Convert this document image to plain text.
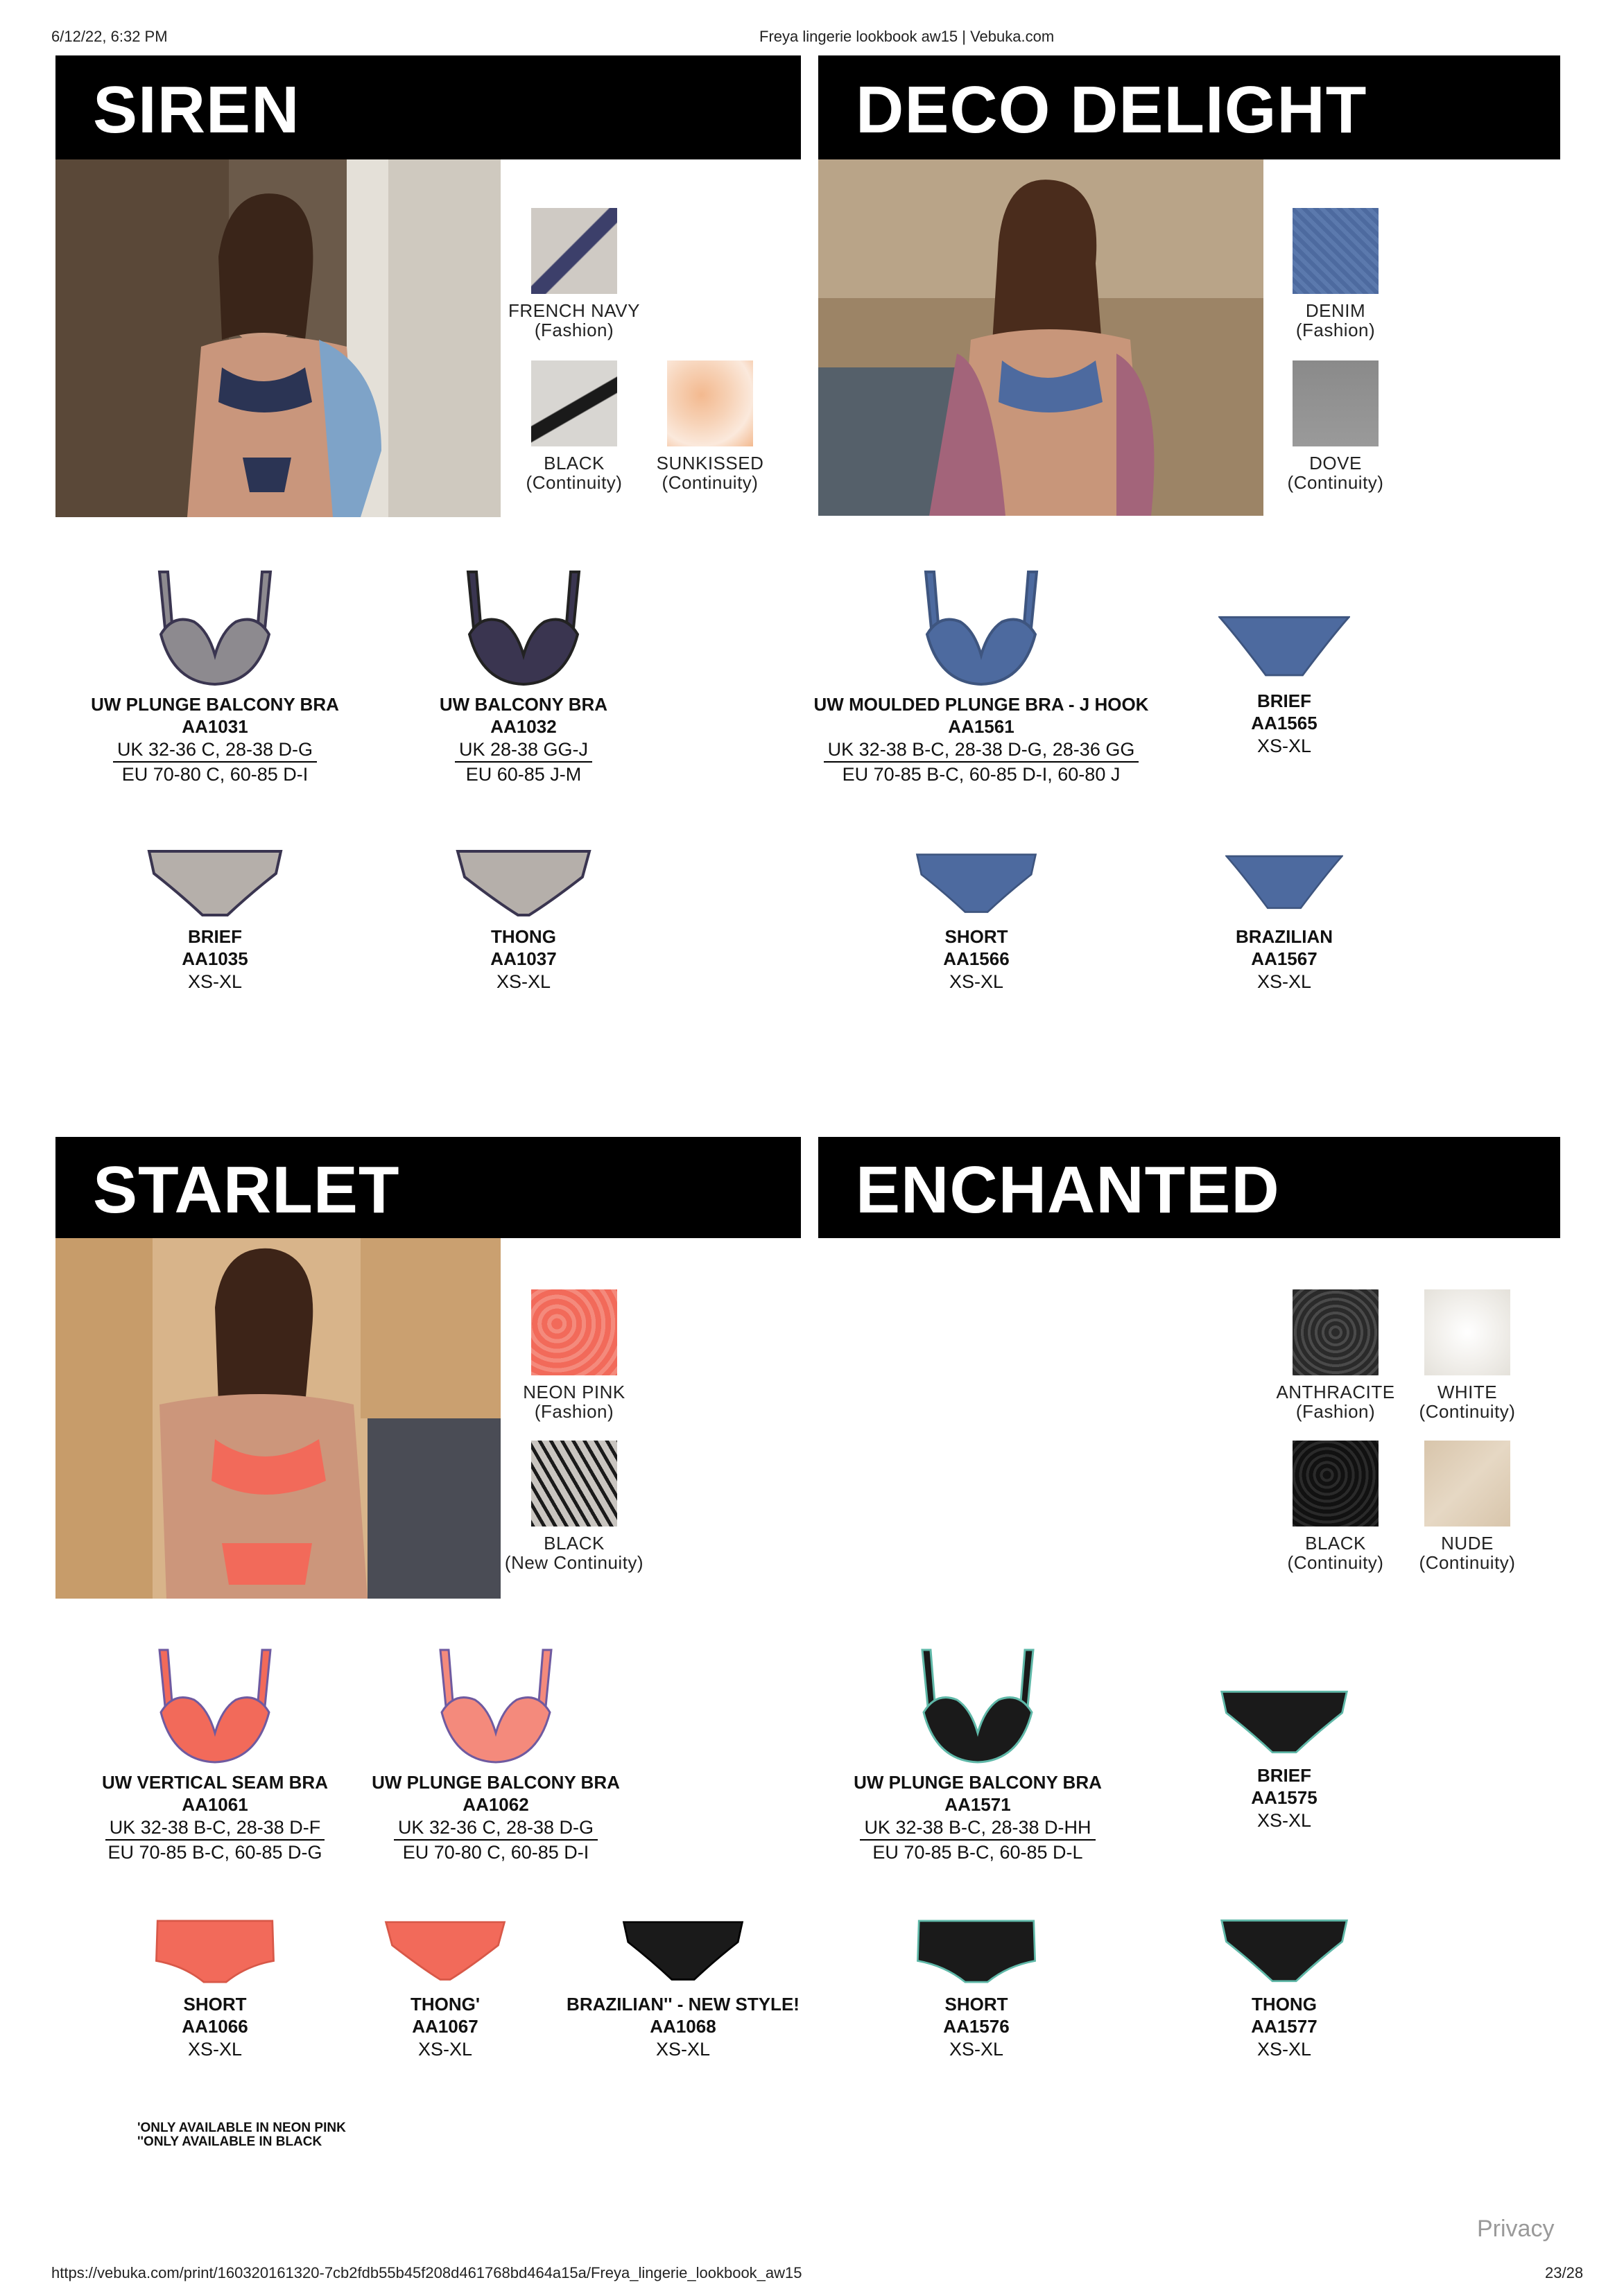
6/12/22, 6:32 PM	Freya lingerie lookbook aw15 | Vebuka.com
SIREN
FRENCH NAVY
(Fashion)
BLACK
(Continuity)
SUNKISSED
(Continuity)
UW PLUNGE BALCONY BRA
AA1031
UK 32-36 C, 28-38 D-G
EU 70-80 C, 60-85 D-I
UW BALCONY BRA
AA1032
UK 28-38 GG-J
EU 60-85 J-M
BRIEF
AA1035
XS-XL
THONG
AA1037
XS-XL
DECO DELIGHT
DENIM
(Fashion)
DOVE
(Continuity)
UW MOULDED PLUNGE BRA - J HOOK
AA1561
UK 32-38 B-C, 28-38 D-G, 28-36 GG
EU 70-85 B-C, 60-85 D-I, 60-80 J
BRIEF
AA1565
XS-XL
SHORT
AA1566
XS-XL
BRAZILIAN
AA1567
XS-XL
STARLET
NEON PINK
(Fashion)
BLACK
(New Continuity)
UW VERTICAL SEAM BRA
AA1061
UK 32-38 B-C, 28-38 D-F
EU 70-85 B-C, 60-85 D-G
UW PLUNGE BALCONY BRA
AA1062
UK 32-36 C, 28-38 D-G
EU 70-80 C, 60-85 D-I
SHORT
AA1066
XS-XL
THONG'
AA1067
XS-XL
BRAZILIAN'' - NEW STYLE!
AA1068
XS-XL
'ONLY AVAILABLE IN NEON PINK
''ONLY AVAILABLE IN BLACK
ENCHANTED
ANTHRACITE
(Fashion)
WHITE
(Continuity)
BLACK
(Continuity)
NUDE
(Continuity)
UW PLUNGE BALCONY BRA
AA1571
UK 32-38 B-C, 28-38 D-HH
EU 70-85 B-C, 60-85 D-L
BRIEF
AA1575
XS-XL
SHORT
AA1576
XS-XL
THONG
AA1577
XS-XL
Privacy
https://vebuka.com/print/160320161320-7cb2fdb55b45f208d461768bd464a15a/Freya_lingerie_lookbook_aw15	23/28
